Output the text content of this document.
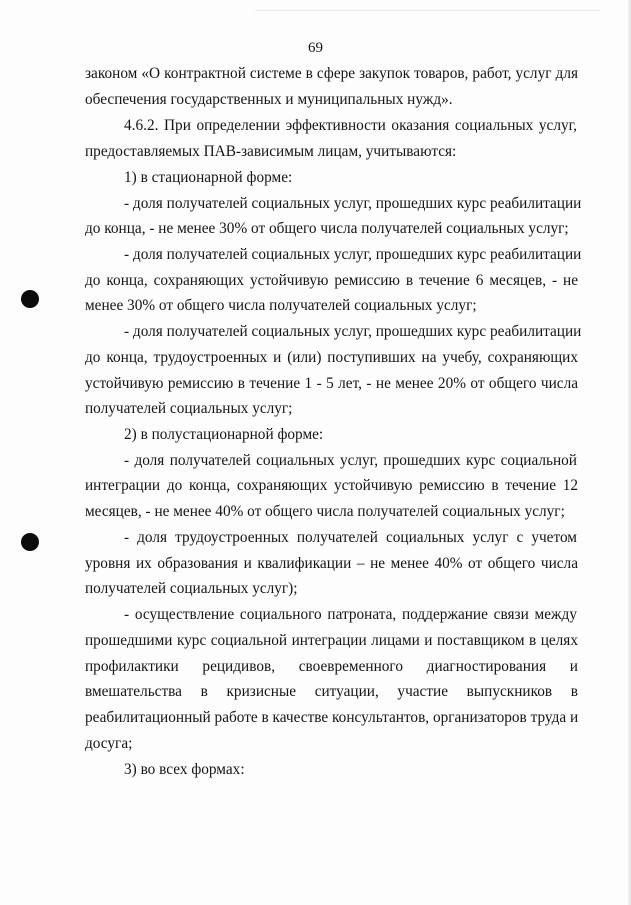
69
законом «О контрактной системе в сфере закупок товаров, работ, услуг для
обеспечения государственных и муниципальных нужд».
4.6.2. При определении эффективности оказания социальных услуг,
предоставляемых ПАВ-зависимым лицам, учитываются:
1) в стационарной форме:
- доля получателей социальных услуг, прошедших курс реабилитации
до конца, - не менее 30% от общего числа получателей социальных услуг;
- доля получателей социальных услуг, прошедших курс реабилитации
до конца, сохраняющих устойчивую ремиссию в течение 6 месяцев, - не
менее 30% от общего числа получателей социальных услуг;
- доля получателей социальных услуг, прошедших курс реабилитации
до конца, трудоустроенных и (или) поступивших на учебу, сохраняющих
устойчивую ремиссию в течение 1 - 5 лет, - не менее 20% от общего числа
получателей социальных услуг;
2) в полустационарной форме:
- доля получателей социальных услуг, прошедших курс социальной
интеграции до конца, сохраняющих устойчивую ремиссию в течение 12
месяцев, - не менее 40% от общего числа получателей социальных услуг;
- доля трудоустроенных получателей социальных услуг с учетом
уровня их образования и квалификации – не менее 40% от общего числа
получателей социальных услуг);
- осуществление социального патроната, поддержание связи между
прошедшими курс социальной интеграции лицами и поставщиком в целях
профилактики рецидивов, своевременного диагностирования и
вмешательства в кризисные ситуации, участие выпускников в
реабилитационный работе в качестве консультантов, организаторов труда и
досуга;
3) во всех формах:
